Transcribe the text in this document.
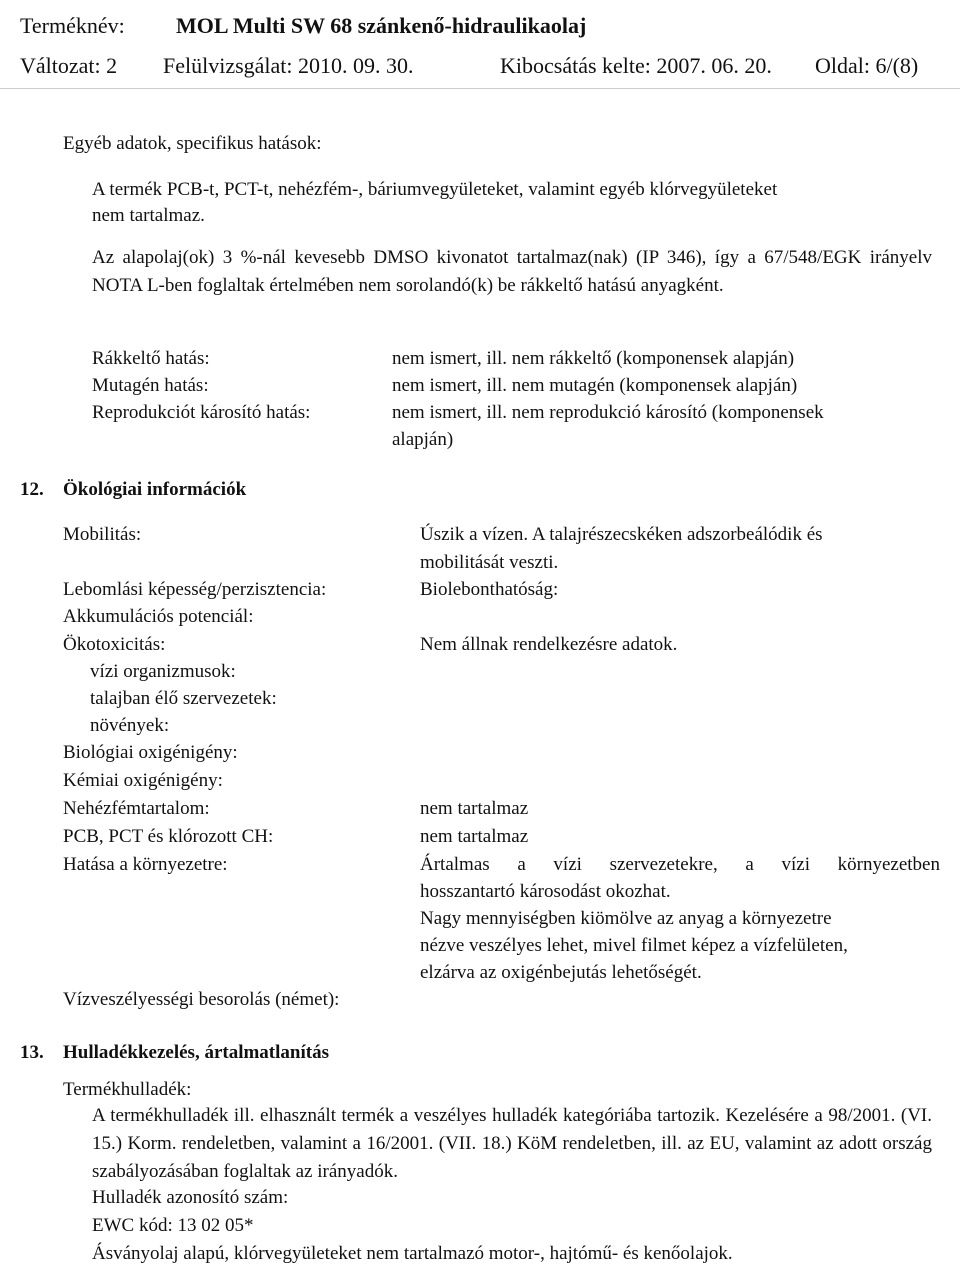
Terméknév: MOL Multi SW 68 szánkenő-hidraulikaolaj
Változat: 2 Felülvizsgálat: 2010. 09. 30.	Kibocsátás kelte: 2007. 06. 20. Oldal: 6/(8)
Egyéb adatok, specifikus hatások:
A termék PCB-t, PCT-t, nehézfém-, báriumvegyületeket, valamint egyéb klórvegyületeket
nem tartalmaz.
Az alapolaj(ok) 3 %-nál kevesebb DMSO kivonatot tartalmaz(nak) (IP 346), így a 67/548/EGK irányelv NOTA L-ben foglaltak értelmében nem sorolandó(k) be rákkeltő hatású anyagként.
Rákkeltő hatás:	nem ismert, ill. nem rákkeltő (komponensek alapján)
Mutagén hatás:	nem ismert, ill. nem mutagén (komponensek alapján)
Reprodukciót károsító hatás:	nem ismert, ill. nem reprodukció károsító (komponensek
alapján)
12. Ökológiai információk
Mobilitás:	Úszik a vízen. A talajrészecskéken adszorbeálódik és
mobilitását veszti.
Lebomlási képesség/perzisztencia:	Biolebonthatóság:
Akkumulációs potenciál:
Ökotoxicitás:	Nem állnak rendelkezésre adatok.
vízi organizmusok:
talajban élő szervezetek:
növények:
Biológiai oxigénigény:
Kémiai oxigénigény:
Nehézfémtartalom:	nem tartalmaz
PCB, PCT és klórozott CH:	nem tartalmaz
Hatása a környezetre:	Ártalmas a vízi szervezetekre, a vízi környezetben
hosszantartó károsodást okozhat.
Nagy mennyiségben kiömölve az anyag a környezetre
nézve veszélyes lehet, mivel filmet képez a vízfelületen,
elzárva az oxigénbejutás lehetőségét.
Vízveszélyességi besorolás (német):
13. Hulladékkezelés, ártalmatlanítás
Termékhulladék:
A termékhulladék ill. elhasznált termék a veszélyes hulladék kategóriába tartozik. Kezelésére a 98/2001. (VI. 15.) Korm. rendeletben, valamint a 16/2001. (VII. 18.) KöM rendeletben, ill. az EU, valamint az adott ország szabályozásában foglaltak az irányadók.
Hulladék azonosító szám:
EWC kód: 13 02 05*
Ásványolaj alapú, klórvegyületeket nem tartalmazó motor-, hajtómű- és kenőolajok.
